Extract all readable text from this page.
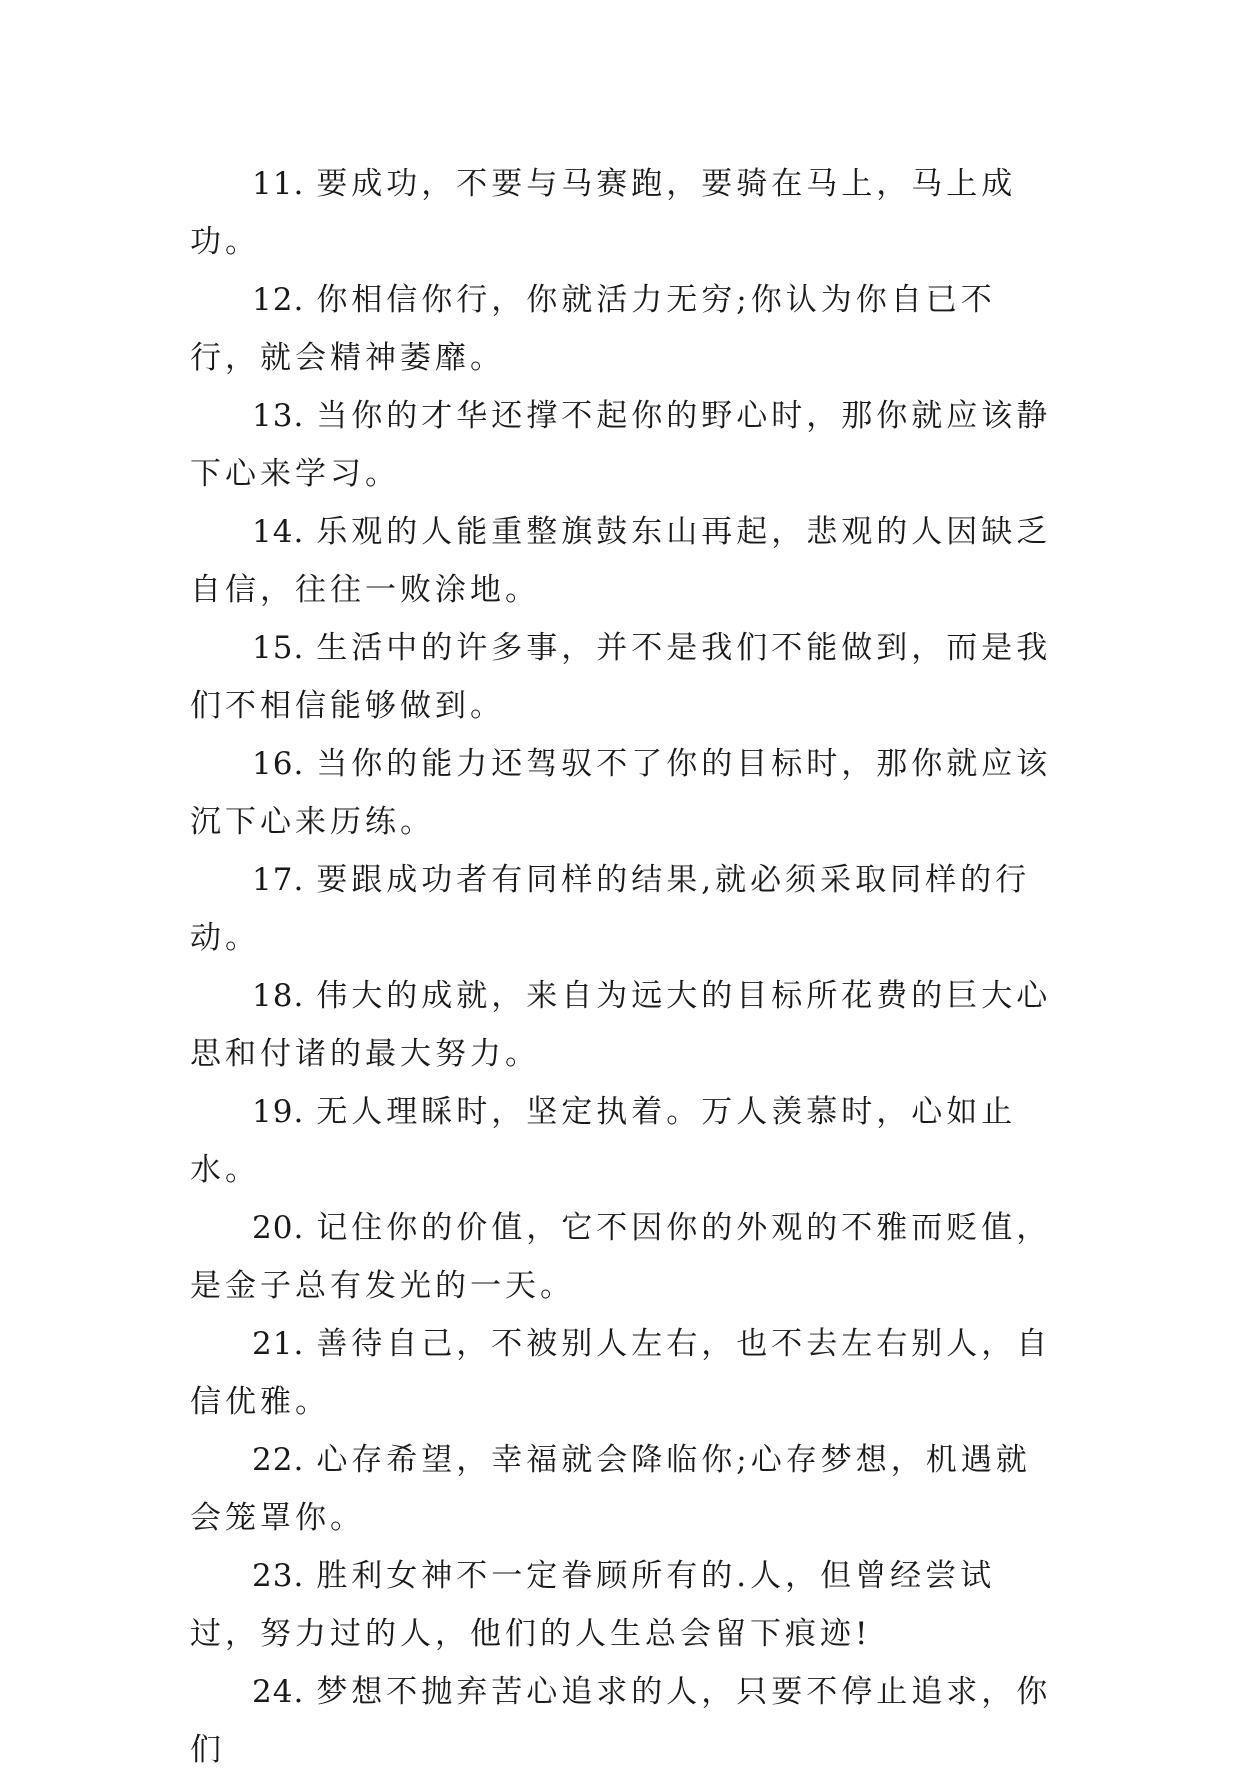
11. 要成功，不要与马赛跑，要骑在马上，马上成功。

12. 你相信你行，你就活力无穷;你认为你自已不行，就会精神萎靡。

13. 当你的才华还撑不起你的野心时，那你就应该静下心来学习。

14. 乐观的人能重整旗鼓东山再起，悲观的人因缺乏自信，往往一败涂地。

15. 生活中的许多事，并不是我们不能做到，而是我们不相信能够做到。

16. 当你的能力还驾驭不了你的目标时，那你就应该沉下心来历练。

17. 要跟成功者有同样的结果,就必须采取同样的行动。

18. 伟大的成就，来自为远大的目标所花费的巨大心思和付诸的最大努力。

19. 无人理睬时，坚定执着。万人羡慕时，心如止水。

20. 记住你的价值，它不因你的外观的不雅而贬值，是金子总有发光的一天。

21. 善待自己，不被别人左右，也不去左右别人，自信优雅。

22. 心存希望，幸福就会降临你;心存梦想，机遇就会笼罩你。

23. 胜利女神不一定眷顾所有的.人，但曾经尝试过，努力过的人，他们的人生总会留下痕迹!

24. 梦想不抛弃苦心追求的人，只要不停止追求，你们
